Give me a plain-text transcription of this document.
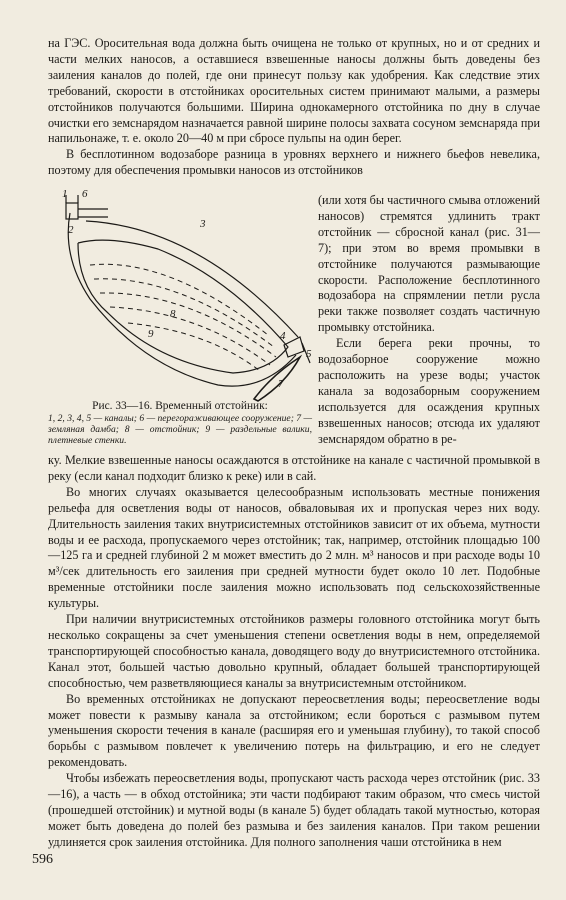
на ГЭС. Оросительная вода должна быть очищена не только от крупных, но и от средних и части мелких наносов, а оставшиеся взвешенные наносы должны быть доведены без заиления каналов до полей, где они принесут пользу как удобрения. Как следствие этих требований, скорости в отстойниках оросительных систем принимают малыми, а размеры отстойников получаются большими. Ширина однокамерного отстойника по дну в случае очистки его земснарядом назначается равной ширине полосы захвата сосуном земснаряда при напильонаже, т. е. около 20—40 м при сбросе пульпы на один берег.

В бесплотинном водозаборе разница в уровнях верхнего и нижнего бьефов невелика, поэтому для обеспечения промывки наносов из отстойников

1 6
2	3
8
9	4
5
7
Рис. 33—16. Временный отстойник:
1, 2, 3, 4, 5 — каналы; 6 — перегораживающее сооружение; 7 — земляная дамба; 8 — отстойник; 9 — раздельные валики, плетневые стенки.

(или хотя бы частичного смыва отложений наносов) стремятся удлинить тракт отстойник — сбросной канал (рис. 31—7); при этом во время промывки в отстойнике получаются размывающие скорости. Расположение бесплотинного водозабора на спрямлении петли русла реки также позволяет создать частичную промывку отстойника.

Если берега реки прочны, то водозаборное сооружение можно расположить на урезе воды; участок канала за водозаборным сооружением используется для осаждения крупных взвешенных наносов; отсюда их удаляют земснарядом обратно в ре-

ку. Мелкие взвешенные наносы осаждаются в отстойнике на канале с частичной промывкой в реку (если канал подходит близко к реке) или в сай.

Во многих случаях оказывается целесообразным использовать местные понижения рельефа для осветления воды от наносов, обваловывая их и пропуская через них воду. Длительность заиления таких внутрисистемных отстойников зависит от их объема, мутности воды и ее расхода, пропускаемого через отстойник; так, например, отстойник площадью 100—125 га и средней глубиной 2 м может вместить до 2 млн. м³ наносов и при расходе воды 10 м³/сек длительность его заиления при средней мутности будет около 10 лет. Подобные временные отстойники после заиления можно использовать под сельскохозяйственные культуры.

При наличии внутрисистемных отстойников размеры головного отстойника могут быть несколько сокращены за счет уменьшения степени осветления воды в нем, определяемой транспортирующей способностью канала, доводящего воду до внутрисистемного отстойника. Канал этот, большей частью довольно крупный, обладает большей транспортирующей способностью, чем разветвляющиеся каналы за внутрисистемным отстойником.

Во временных отстойниках не допускают переосветления воды; переосветление воды может повести к размыву канала за отстойником; если бороться с размывом путем уменьшения скорости течения в канале (расширяя его и уменьшая глубину), то такой способ борьбы с размывом повлечет к увеличению потерь на фильтрацию, и его не следует рекомендовать.

Чтобы избежать переосветления воды, пропускают часть расхода через отстойник (рис. 33—16), а часть — в обход отстойника; эти части подбирают таким образом, что смесь чистой (прошедшей отстойник) и мутной воды (в канале 5) будет обладать такой мутностью, которая может быть доведена до полей без размыва и без заиления каналов. При таком решении удлиняется срок заиления отстойника. Для полного заполнения чаши отстойника в нем

596
